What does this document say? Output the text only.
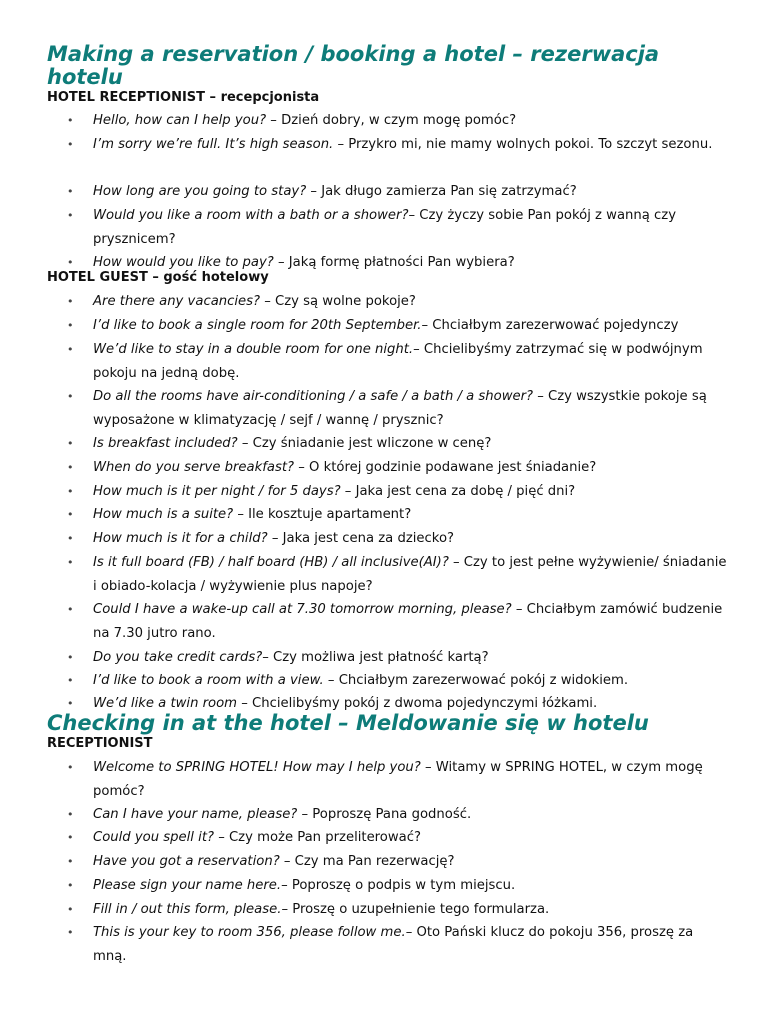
Making a reservation / booking a hotel – rezerwacja hotelu
HOTEL RECEPTIONIST – recepcjonista
• Hello, how can I help you? – Dzień dobry, w czym mogę pomóc?
• I’m sorry we’re full. It’s high season. – Przykro mi, nie mamy wolnych pokoi. To szczyt sezonu.
• How long are you going to stay? – Jak długo zamierza Pan się zatrzymać?
• Would you like a room with a bath or a shower?– Czy życzy sobie Pan pokój z wanną czy prysznicem?
• How would you like to pay? – Jaką formę płatności Pan wybiera?
HOTEL GUEST – gość hotelowy
• Are there any vacancies? – Czy są wolne pokoje?
• I’d like to book a single room for 20th September.– Chciałbym zarezerwować pojedynczy
• We’d like to stay in a double room for one night.– Chcielibyśmy zatrzymać się w podwójnym pokoju na jedną dobę.
• Do all the rooms have air-conditioning / a safe / a bath / a shower? – Czy wszystkie pokoje są wyposażone w klimatyzację / sejf / wannę / prysznic?
• Is breakfast included? – Czy śniadanie jest wliczone w cenę?
• When do you serve breakfast? – O której godzinie podawane jest śniadanie?
• How much is it per night / for 5 days? – Jaka jest cena za dobę / pięć dni?
• How much is a suite? – Ile kosztuje apartament?
• How much is it for a child? – Jaka jest cena za dziecko?
• Is it full board (FB) / half board (HB) / all inclusive(AI)? – Czy to jest pełne wyżywienie/ śniadanie i obiado-kolacja / wyżywienie plus napoje?
• Could I have a wake-up call at 7.30 tomorrow morning, please? – Chciałbym zamówić budzenie na 7.30 jutro rano.
• Do you take credit cards?– Czy możliwa jest płatność kartą?
• I’d like to book a room with a view. – Chciałbym zarezerwować pokój z widokiem.
• We’d like a twin room – Chcielibyśmy pokój z dwoma pojedynczymi łóżkami.
Checking in at the hotel – Meldowanie się w hotelu
RECEPTIONIST
• Welcome to SPRING HOTEL! How may I help you? – Witamy w SPRING HOTEL, w czym mogę pomóc?
• Can I have your name, please? – Poproszę Pana godność.
• Could you spell it? – Czy może Pan przeliterować?
• Have you got a reservation? – Czy ma Pan rezerwację?
• Please sign your name here.– Poproszę o podpis w tym miejscu.
• Fill in / out this form, please.– Proszę o uzupełnienie tego formularza.
• This is your key to room 356, please follow me.– Oto Pański klucz do pokoju 356, proszę za mną.
